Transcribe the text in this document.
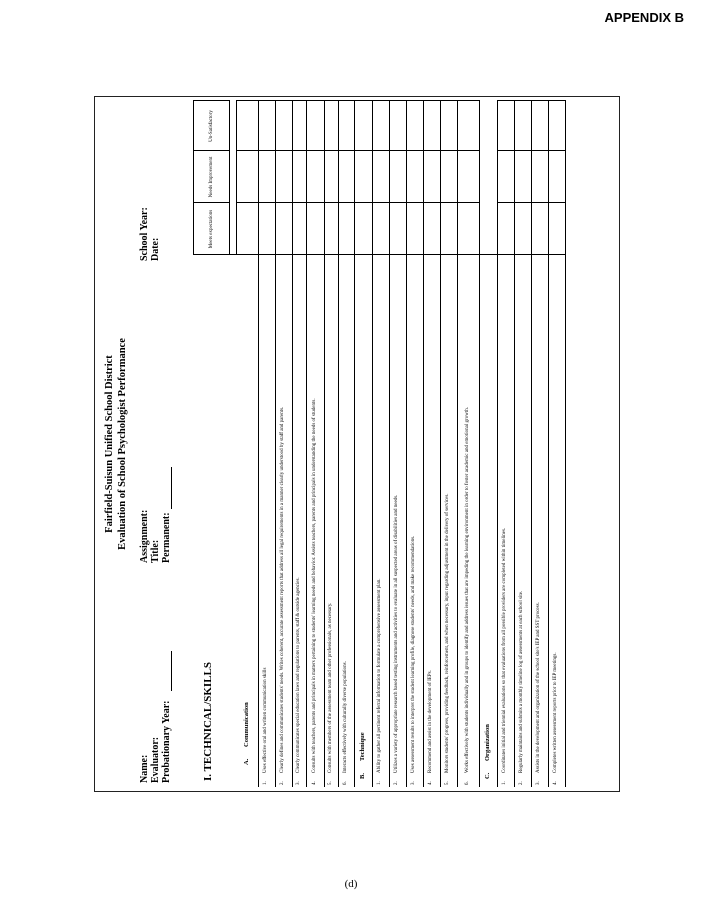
APPENDIX B
Fairfield-Suisun Unified School District Evaluation of School Psychologist Performance
Name: Evaluator: Probationary Year:
Assignment: Title: Permanent:
School Year: Date:
I. TECHNICAL/SKILLS	Meets expectations	Needs Improvement	Un-Satisfactory

A.Communication			
1.Uses effective oral and written communication skills			
2.Clearly defines and communicates students' needs. Writes coherent, accurate assessment reports that address all legal requirements in a manner clearly understood by staff and parents.			
3.Clearly communicates special education laws and regulations to parents, staff & outside agencies.			
4.Consults with teachers, parents and principals in matters pertaining to students' learning needs and behavior. Assists teachers, parents and principals in understanding the needs of students.			
5.Consults with members of the assessment team and other professionals, as necessary.			
6.Interacts effectively with culturally diverse populations.			
B.Technique			
1.Ability to gather all pertinent referral information to formulate a comprehensive assessment plan.			
2.Utilizes a variety of appropriate research based testing instruments and activities to evaluate in all suspected areas of disabilities and needs.			
3.Uses assessment results to interpret the student learning profile, diagnose students' needs, and make recommendations.			
4.Recommend and assist in the development of IEPs.			
5.Monitors students' progress, providing feedback, reinforcement, and when necessary, input regarding adjustment in the delivery of services.			
6.Works effectively with students individually and in groups to identify and address issues that are impeding the learning environment in order to foster academic and emotional growth.			
C.Organization			
1.Coordinates initial and triennial evaluations so that evaluations from all possible providers are completed within timelines.			
2.Regularly maintains and submits a monthly timeline log of assessments at each school site.			
3.Assists in the development and organization of the school site's IEP and SST process.			
4.Completes written assessment reports prior to IEP meetings.			
(d)
